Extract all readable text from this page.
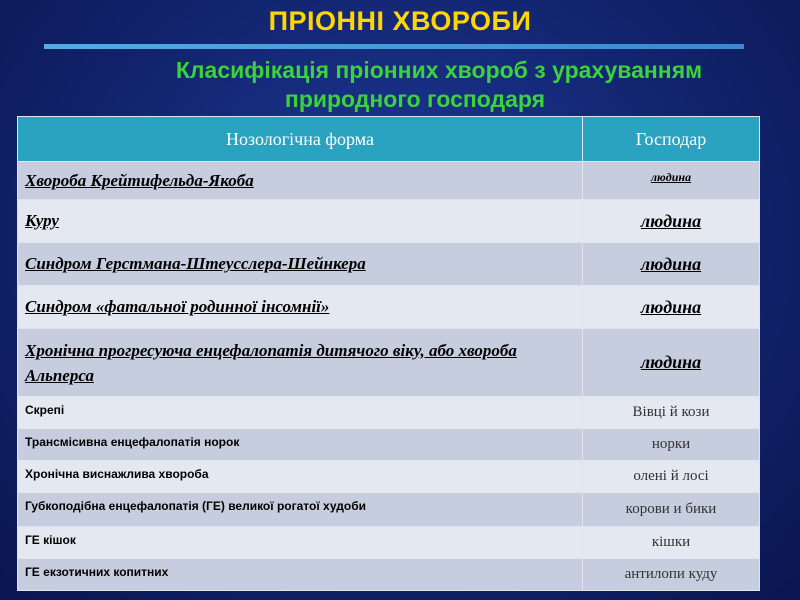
ПРІОННІ ХВОРОБИ
Класифікація пріонних хвороб з урахуванням
природного господаря
Нозологічна форма	Господар
Хвороба Крейтифельда-Якоба	людина
Куру	людина
Синдром Герстмана-Штеусслера-Шейнкера	людина
Синдром «фатальної родинної інсомнії»	людина
Хронічна прогресуюча енцефалопатія дитячого віку, або хвороба Альперса	людина
Скрепі	Вівці й кози
Трансмісивна енцефалопатія норок	норки
Хронічна виснажлива хвороба	олені й лосі
Губкоподібна енцефалопатія (ГЕ) великої рогатої худоби	корови и бики
ГЕ кішок	кішки
ГЕ екзотичних копитних	антилопи куду
